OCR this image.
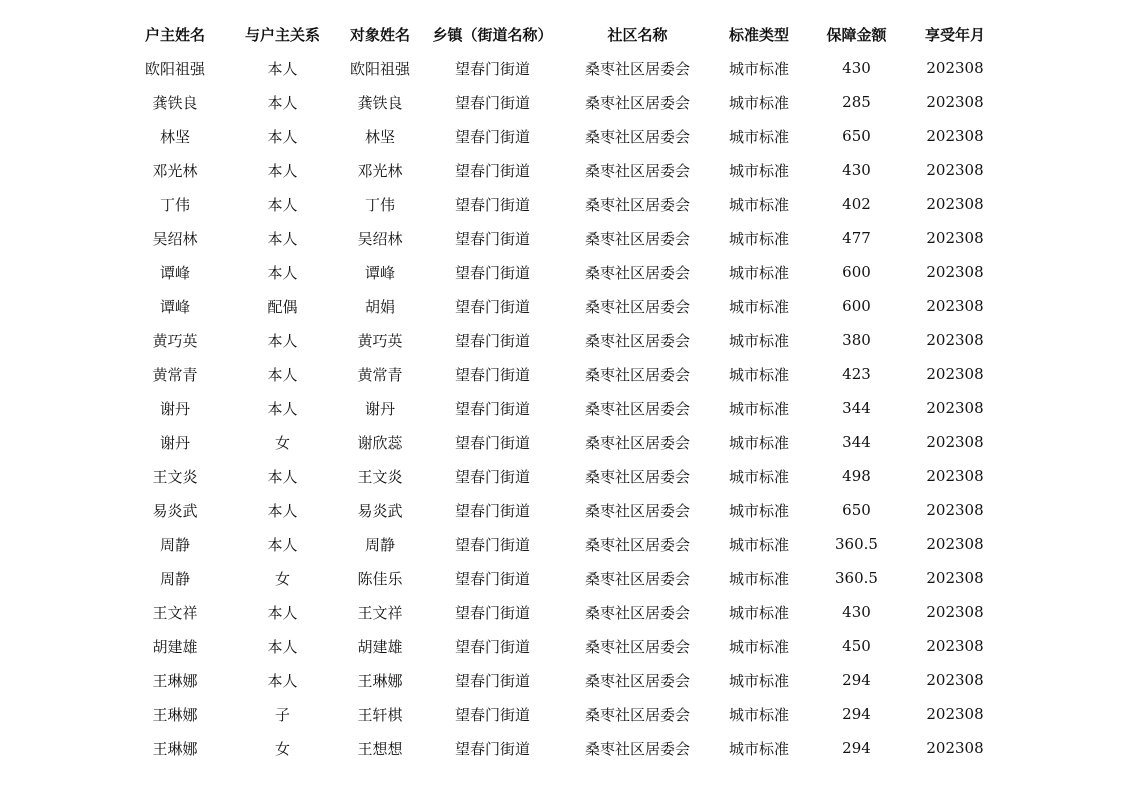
户主姓名	与户主关系	对象姓名	乡镇（街道名称）	社区名称	标准类型	保障金额	享受年月
欧阳祖强	本人	欧阳祖强	望春门街道	桑枣社区居委会	城市标准	430	202308
龚铁良	本人	龚铁良	望春门街道	桑枣社区居委会	城市标准	285	202308
林坚	本人	林坚	望春门街道	桑枣社区居委会	城市标准	650	202308
邓光林	本人	邓光林	望春门街道	桑枣社区居委会	城市标准	430	202308
丁伟	本人	丁伟	望春门街道	桑枣社区居委会	城市标准	402	202308
吴绍林	本人	吴绍林	望春门街道	桑枣社区居委会	城市标准	477	202308
谭峰	本人	谭峰	望春门街道	桑枣社区居委会	城市标准	600	202308
谭峰	配偶	胡娟	望春门街道	桑枣社区居委会	城市标准	600	202308
黄巧英	本人	黄巧英	望春门街道	桑枣社区居委会	城市标准	380	202308
黄常青	本人	黄常青	望春门街道	桑枣社区居委会	城市标准	423	202308
谢丹	本人	谢丹	望春门街道	桑枣社区居委会	城市标准	344	202308
谢丹	女	谢欣蕊	望春门街道	桑枣社区居委会	城市标准	344	202308
王文炎	本人	王文炎	望春门街道	桑枣社区居委会	城市标准	498	202308
易炎武	本人	易炎武	望春门街道	桑枣社区居委会	城市标准	650	202308
周静	本人	周静	望春门街道	桑枣社区居委会	城市标准	360.5	202308
周静	女	陈佳乐	望春门街道	桑枣社区居委会	城市标准	360.5	202308
王文祥	本人	王文祥	望春门街道	桑枣社区居委会	城市标准	430	202308
胡建雄	本人	胡建雄	望春门街道	桑枣社区居委会	城市标准	450	202308
王琳娜	本人	王琳娜	望春门街道	桑枣社区居委会	城市标准	294	202308
王琳娜	子	王轩棋	望春门街道	桑枣社区居委会	城市标准	294	202308
王琳娜	女	王想想	望春门街道	桑枣社区居委会	城市标准	294	202308
